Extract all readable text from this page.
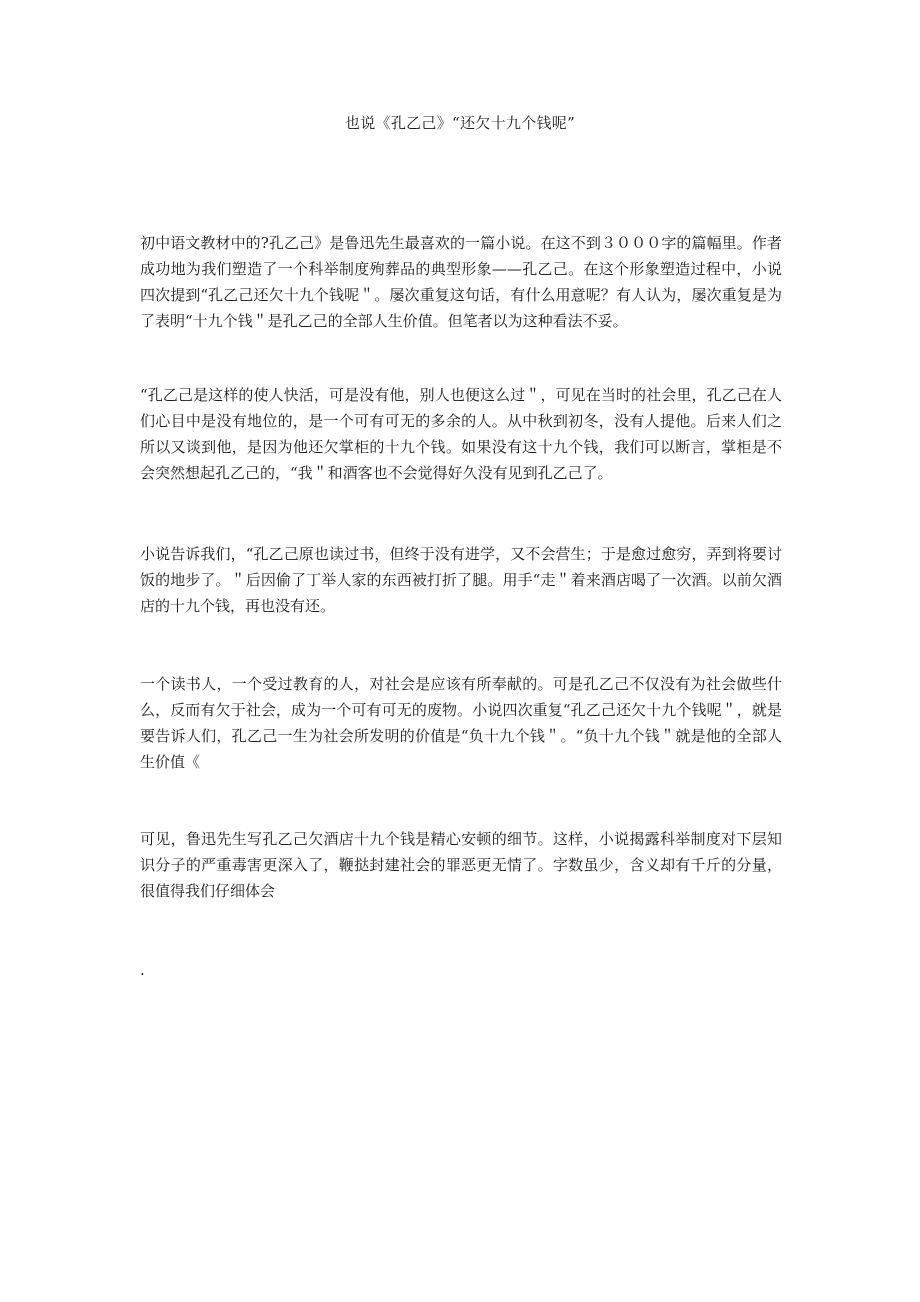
也说《孔乙己》“还欠十九个钱呢”

初中语文教材中的?孔乙己》是鲁迅先生最喜欢的一篇小说。在这不到３０００字的篇幅里。作者成功地为我们塑造了一个科举制度殉葬品的典型形象——孔乙己。在这个形象塑造过程中，小说四次提到“孔乙己还欠十九个钱呢＂。屡次重复这句话，有什么用意呢？有人认为，屡次重复是为了表明“十九个钱＂是孔乙己的全部人生价值。但笔者以为这种看法不妥。

“孔乙己是这样的使人快活，可是没有他，别人也便这么过＂，可见在当时的社会里，孔乙己在人们心目中是没有地位的，是一个可有可无的多余的人。从中秋到初冬，没有人提他。后来人们之所以又谈到他，是因为他还欠掌柜的十九个钱。如果没有这十九个钱，我们可以断言，掌柜是不会突然想起孔乙己的，“我＂和酒客也不会觉得好久没有见到孔乙己了。

小说告诉我们，“孔乙己原也读过书，但终于没有进学，又不会营生；于是愈过愈穷，弄到将要讨饭的地步了。＂后因偷了丁举人家的东西被打折了腿。用手“走＂着来酒店喝了一次酒。以前欠酒店的十九个钱，再也没有还。

一个读书人，一个受过教育的人，对社会是应该有所奉献的。可是孔乙己不仅没有为社会做些什么，反而有欠于社会，成为一个可有可无的废物。小说四次重复“孔乙己还欠十九个钱呢＂，就是要告诉人们，孔乙己一生为社会所发明的价值是“负十九个钱＂。“负十九个钱＂就是他的全部人生价值《

可见，鲁迅先生写孔乙己欠酒店十九个钱是精心安顿的细节。这样，小说揭露科举制度对下层知识分子的严重毒害更深入了，鞭挞封建社会的罪恶更无情了。字数虽少，含义却有千斤的分量，很值得我们仔细体会

.
